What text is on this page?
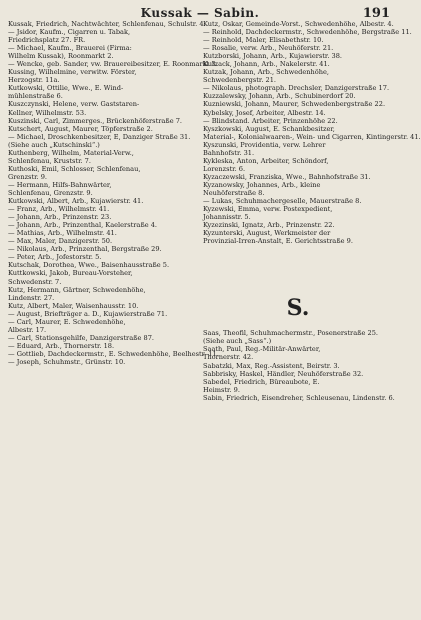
Kussak — Sabin.	191

Kussak, Friedrich, Nachtwächter, Schlenfenau, Schulstr. 4.

— Jsidor, Kaufm., Cigarren u. Tabak,

Friedrichsplatz 27. FR.

— Michael, Kaufm., Brauerei (Firma:

Wilhelm Kussak), Roonmarkt 2.

— Wencke, geb. Sander, vw. Brauereibesitzer, E. Roonmarkt 3.

Kussing, Wilhelmine, verwitw. Förster,

Herzogstr. 11a.

Kutkowski, Ottilie, Wwe., E. Wind-

mühlenstraße 6.

Kuszczynski, Helene, verw. Gaststaren-

Kellner, Wilhelmstr. 53.

Kuszinski, Carl, Zimmerges., Brückenhöferstraße 7.

Kutschert, August, Maurer, Töpferstraße 2.

— Michael, Droschkenbesitzer, E, Danziger Straße 31.

(Siehe auch „Kutschinski“.)

Kuthenberg, Wilhelm, Material-Verw.,

Schlenfenau, Kruststr. 7.

Kuthoski, Emil, Schlosser, Schlenfenau,

Grenzstr. 9.

— Hermann, Hilfs-Bahnwärter,

Schlenfenau, Grenzstr. 9.

Kutkowski, Albert, Arb., Kujawierstr. 41.

— Franz, Arb., Wilhelmstr. 41.

— Johann, Arb., Prinzenstr. 23.

— Johann, Arb., Prinzenthal, Kaelerstraße 4.

— Mathias, Arb., Wilhelmstr. 41.

— Max, Maler, Danzigerstr. 50.

— Nikolaus, Arb., Prinzenthal, Bergstraße 29.

— Peter, Arb., Jofestorstr. 5.

Kutschak, Dorothea, Wwe., Baisenhausstraße 5.

Kuttkowski, Jakob, Bureau-Vorsteher,

Schwedenstr. 7.

Kutz, Hermann, Gärtner, Schwedenhöhe,

Lindenstr. 27.

Kutz, Albert, Maler, Waisenhausstr. 10.

— August, Briefträger a. D., Kujawierstraße 71.

— Carl, Maurer, E. Schwedenhöhe,

Albestr. 17.

— Carl, Stationsgehilfe, Danzigerstraße 87.

— Eduard, Arb., Thornerstr. 18.

— Gottlieb, Dachdeckermstr., E. Schwedenhöhe, Beelhestr. 11.

— Joseph, Schuhmstr., Grünstr. 10.

Kutz, Oskar, Gemeinde-Vorst., Schwedenhöhe, Albestr. 4.

— Reinhold, Dachdeckermstr., Schwedenhöhe, Bergstraße 11.

— Reinhold, Maler, Elisabethstr. 10.

— Rosalie, verw. Arb., Neuhöferstr. 21.

Kutzborski, Johann, Arb., Kujawierstr. 38.

Kutzack, Johann, Arb., Nakelerstr. 41.

Kutzak, Johann, Arb., Schwedenhöhe,

Schwedenbergstr. 21.

— Nikolaus, photograph. Drechsler, Danzigerstraße 17.

Kuzzalewsky, Johann, Arb., Schubinerdorf 20.

Kuzniewski, Johann, Maurer, Schwedenbergstraße 22.

Kybelsky, Josef, Arbeiter, Albestr. 14.

— Blindstand. Arbeiter, Prinzenhöhe 22.

Kyszkowski, August, E. Schankbesitzer,

Material-, Kolonialwaaren-, Wein- und Cigarren, Kintingerstr. 41.

Kyszunski, Providentia, verw. Lehrer

Bahnhofstr. 31.

Kykleska, Anton, Arbeiter, Schöndorf,

Lorenzstr. 6.

Kyzaczewski, Franziska, Wwe., Bahnhofstraße 31.

Kyzanowsky, Johannes, Arb., kleine

Neuhöferstraße 8.

— Lukas, Schuhmachergeselle, Mauerstraße 8.

Kyzewski, Emma, verw. Postexpedient,

Johannisstr. 5.

Kyzezinski, Ignatz, Arb., Prinzenstr. 22.

Kyzunterski, August, Werkmeister der

Provinzial-Irren-Anstalt, E. Gerichtsstraße 9.

S.

Saas, Theofil, Schuhmachermstr., Posenerstraße 25.

(Siehe auch „Sass“.)

Saath, Paul, Reg.-Militär-Anwärter,

Thornerstr. 42.

Sabatzki, Max, Reg.-Assistent, Beirstr. 3.

Sabbrisky, Haskel, Händler, Neuhöferstraße 32.

Sabedel, Friedrich, Büreaubote, E.

Heimstr. 9.

Sabin, Friedrich, Eisendreher, Schleusenau, Lindenstr. 6.
